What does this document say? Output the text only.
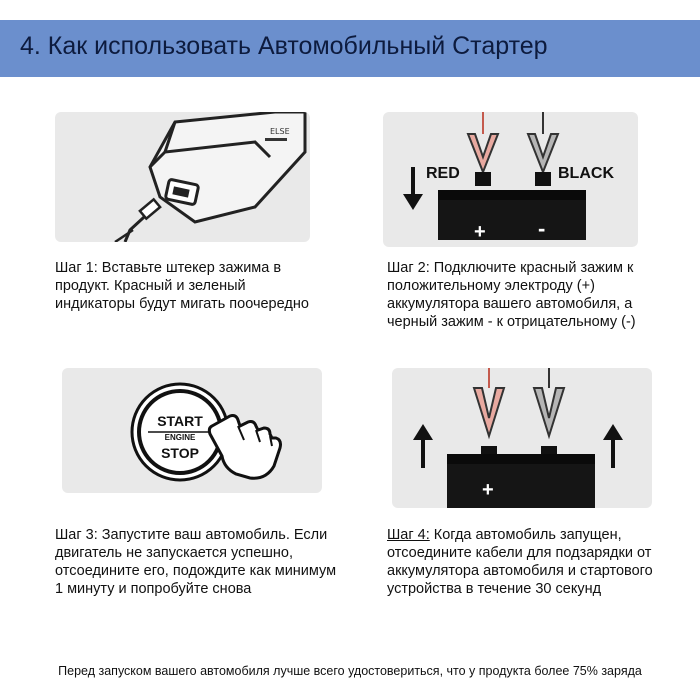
4. Как использовать Автомобильный Стартер
ELSE
RED	BLACK
+ -
Шаг 1: Вставьте штекер зажима в продукт. Красный и зеленый индикаторы будут мигать поочередно
Шаг 2: Подключите красный зажим к положительному электроду (+) аккумулятора вашего автомобиля, а черный зажим - к отрицательному (-)
START
ENGINE
STOP
+
Шаг 3: Запустите ваш автомобиль. Если двигатель не запускается успешно, отсоедините его, подождите как минимум 1 минуту и попробуйте снова
Шаг 4: Когда автомобиль запущен, отсоедините кабели для подзарядки от аккумулятора автомобиля и стартового устройства в течение 30 секунд
Перед запуском вашего автомобиля лучше всего удостовериться, что у продукта более 75% заряда
